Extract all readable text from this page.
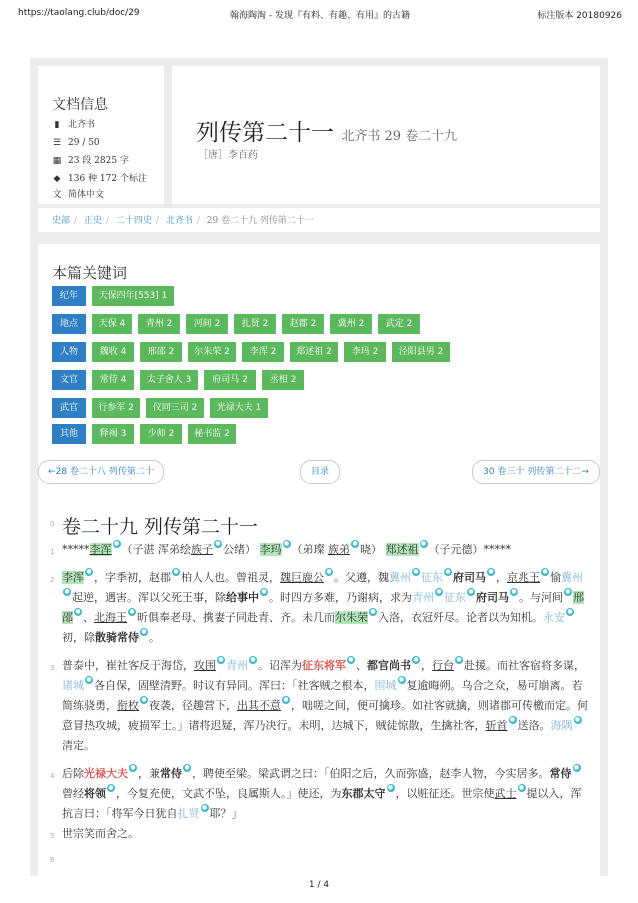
https://taolang.club/doc/29	翰海陶淘 - 发现『有料、有趣、有用』的古籍	标注版本 20180926
文档信息
▮ 北齐书
☰ 29 / 50
▦ 23 段 2825 字
◆ 136 种 172 个标注
文 简体中文
列传第二十一 北齐书 29 卷二十九
［唐］李百药
史部 / 正史 / 二十四史 / 北齐书 / 29 卷二十九 列传第二十一
本篇关键词
纪年	天保四年[553] 1
地点	天保 4	青州 2	河间 2	扎贤 2	赵郡 2	冀州 2	武定 2
人物	魏收 4	邢邵 2	尔朱荣 2	李浑 2	郑述祖 2	李玛 2	泾阳县男 2
文官	常侍 4	太子舍人 3	府司马 2	丞相 2
武官	行参军 2	仪同三司 2	光禄大夫 1
其他	释褐 3	少师 2	秘书监 2
←28 卷二十八 列传第二十	目录	30 卷三十 列传第二十二→
0 卷二十九 列传第二十一
1 *****李浑 ● （子湛 浑弟绘族子 ● 公绪） 李玛 ● （弟璨 族弟 ● 晓） 郑述祖 ● （子元德）*****
2 李浑 ● ，字季初，赵郡 ● 柏人人也。曾祖灵，魏巨鹿公 ● 。父遵，魏冀州 ● 征东 ● 府司马 ● ，京兆王 ● 愉冀州● 起逆，遇害。浑以父死王事，除给事中 ● 。时四方多难，乃谢病，求为青州 ● 征东 ● 府司马 ● 。与河间 ● 邢邵 ● 、北海王 ● 昕俱奉老母、携妻子同赴青、齐。未几而尔朱荣 ● 入洛，衣冠歼尽。论者以为知机。永安 ●初，除散骑常侍 ● 。
3 普泰中，崔社客反于海岱，攻围 ● 青州 ● 。诏浑为征东将军 ● 、都官尚书 ● ，行台 ● 赴援。而社客宿将多谋，诸城 ● 各自保，固壁清野。时议有异同。浑曰：「社客贼之根本，围城 ● 复逾晦朔。乌合之众，易可崩离。若简练骁勇，衔枚 ● 夜袭，径趣营下，出其不意 ● ，咄嗟之间，便可擒珍。如社客就擒，则诸郡可传檄而定。何意冒热攻城，疲损军士。」诸将迟疑，浑乃决行。未明，达城下，贼徒惊散，生擒社客，斩首 ● 送洛。海隅 ●清定。
4 后除光禄大夫 ● ，兼常侍 ● ，聘使至梁。梁武谓之曰：「伯阳之后，久而弥盛，赵李人物，今实居多。常侍 ●曾经将领 ● ，今复充使，文武不坠，良属斯人。」使还，为东郡太守 ● ，以赃征还。世宗使武士 ● 提以入，浑抗言曰：「将军今日犹自扎贤 ● 耶？」
5 世宗笑而舍之。
6
1 / 4
